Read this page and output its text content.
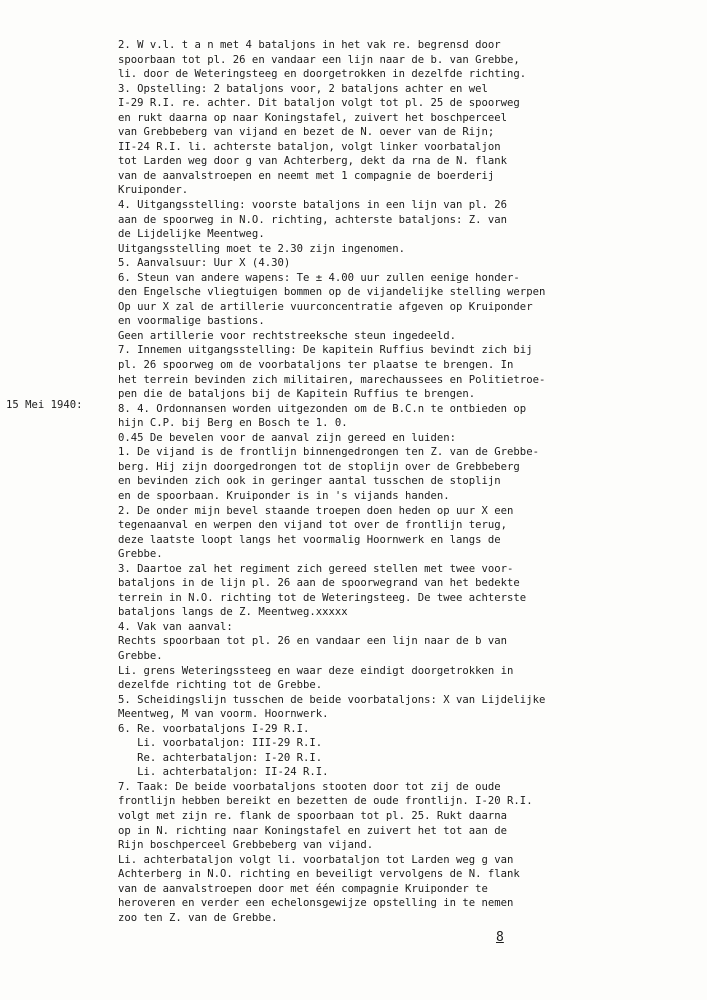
15 Mei 1940:
2. W v.l. t a n met 4 bataljons in het vak re. begrensd door
spoorbaan tot pl. 26 en vandaar een lijn naar de b. van Grebbe,
li. door de Weteringsteeg en doorgetrokken in dezelfde richting.
3. Opstelling: 2 bataljons voor, 2 bataljons achter en wel
I-29 R.I. re. achter. Dit bataljon volgt tot pl. 25 de spoorweg
en rukt daarna op naar Koningstafel, zuivert het boschperceel
van Grebbeberg van vijand en bezet de N. oever van de Rijn;
II-24 R.I. li. achterste bataljon, volgt linker voorbataljon
tot Larden weg door g van Achterberg, dekt da rna de N. flank
van de aanvalstroepen en neemt met 1 compagnie de boerderij
Kruiponder.
4. Uitgangsstelling: voorste bataljons in een lijn van pl. 26
aan de spoorweg in N.O. richting, achterste bataljons: Z. van
de Lijdelijke Meentweg.
Uitgangsstelling moet te 2.30 zijn ingenomen.
5. Aanvalsuur: Uur X (4.30)
6. Steun van andere wapens: Te ± 4.00 uur zullen eenige honder-
den Engelsche vliegtuigen bommen op de vijandelijke stelling werpen
Op uur X zal de artillerie vuurconcentratie afgeven op Kruiponder
en voormalige bastions.
Geen artillerie voor rechtstreeksche steun ingedeeld.
7. Innemen uitgangsstelling: De kapitein Ruffius bevindt zich bij
pl. 26 spoorweg om de voorbataljons ter plaatse te brengen. In
het terrein bevinden zich militairen, marechaussees en Politietroe-
pen die de bataljons bij de Kapitein Ruffius te brengen.
8. 4. Ordonnansen worden uitgezonden om de B.C.n te ontbieden op
hijn C.P. bij Berg en Bosch te 1. 0.
0.45 De bevelen voor de aanval zijn gereed en luiden:
1. De vijand is de frontlijn binnengedrongen ten Z. van de Grebbe-
berg. Hij zijn doorgedrongen tot de stoplijn over de Grebbeberg
en bevinden zich ook in geringer aantal tusschen de stoplijn
en de spoorbaan. Kruiponder is in 's vijands handen.
2. De onder mijn bevel staande troepen doen heden op uur X een
tegenaanval en werpen den vijand tot over de frontlijn terug,
deze laatste loopt langs het voormalig Hoornwerk en langs de
Grebbe.
3. Daartoe zal het regiment zich gereed stellen met twee voor-
bataljons in de lijn pl. 26 aan de spoorwegrand van het bedekte
terrein in N.O. richting tot de Weteringsteeg. De twee achterste
bataljons langs de Z. Meentweg.xxxxx
4. Vak van aanval:
Rechts spoorbaan tot pl. 26 en vandaar een lijn naar de b van
Grebbe.
Li. grens Weteringssteeg en waar deze eindigt doorgetrokken in
dezelfde richting tot de Grebbe.
5. Scheidingslijn tusschen de beide voorbataljons: X van Lijdelijke
Meentweg, M van voorm. Hoornwerk.
6. Re. voorbataljons I-29 R.I.
Li. voorbataljon: III-29 R.I.
Re. achterbataljon: I-20 R.I.
Li. achterbataljon: II-24 R.I.
7. Taak: De beide voorbataljons stooten door tot zij de oude
frontlijn hebben bereikt en bezetten de oude frontlijn. I-20 R.I.
volgt met zijn re. flank de spoorbaan tot pl. 25. Rukt daarna
op in N. richting naar Koningstafel en zuivert het tot aan de
Rijn boschperceel Grebbeberg van vijand.
Li. achterbataljon volgt li. voorbataljon tot Larden weg g van
Achterberg in N.O. richting en beveiligt vervolgens de N. flank
van de aanvalstroepen door met één compagnie Kruiponder te
heroveren en verder een echelonsgewijze opstelling in te nemen
zoo ten Z. van de Grebbe.
8
